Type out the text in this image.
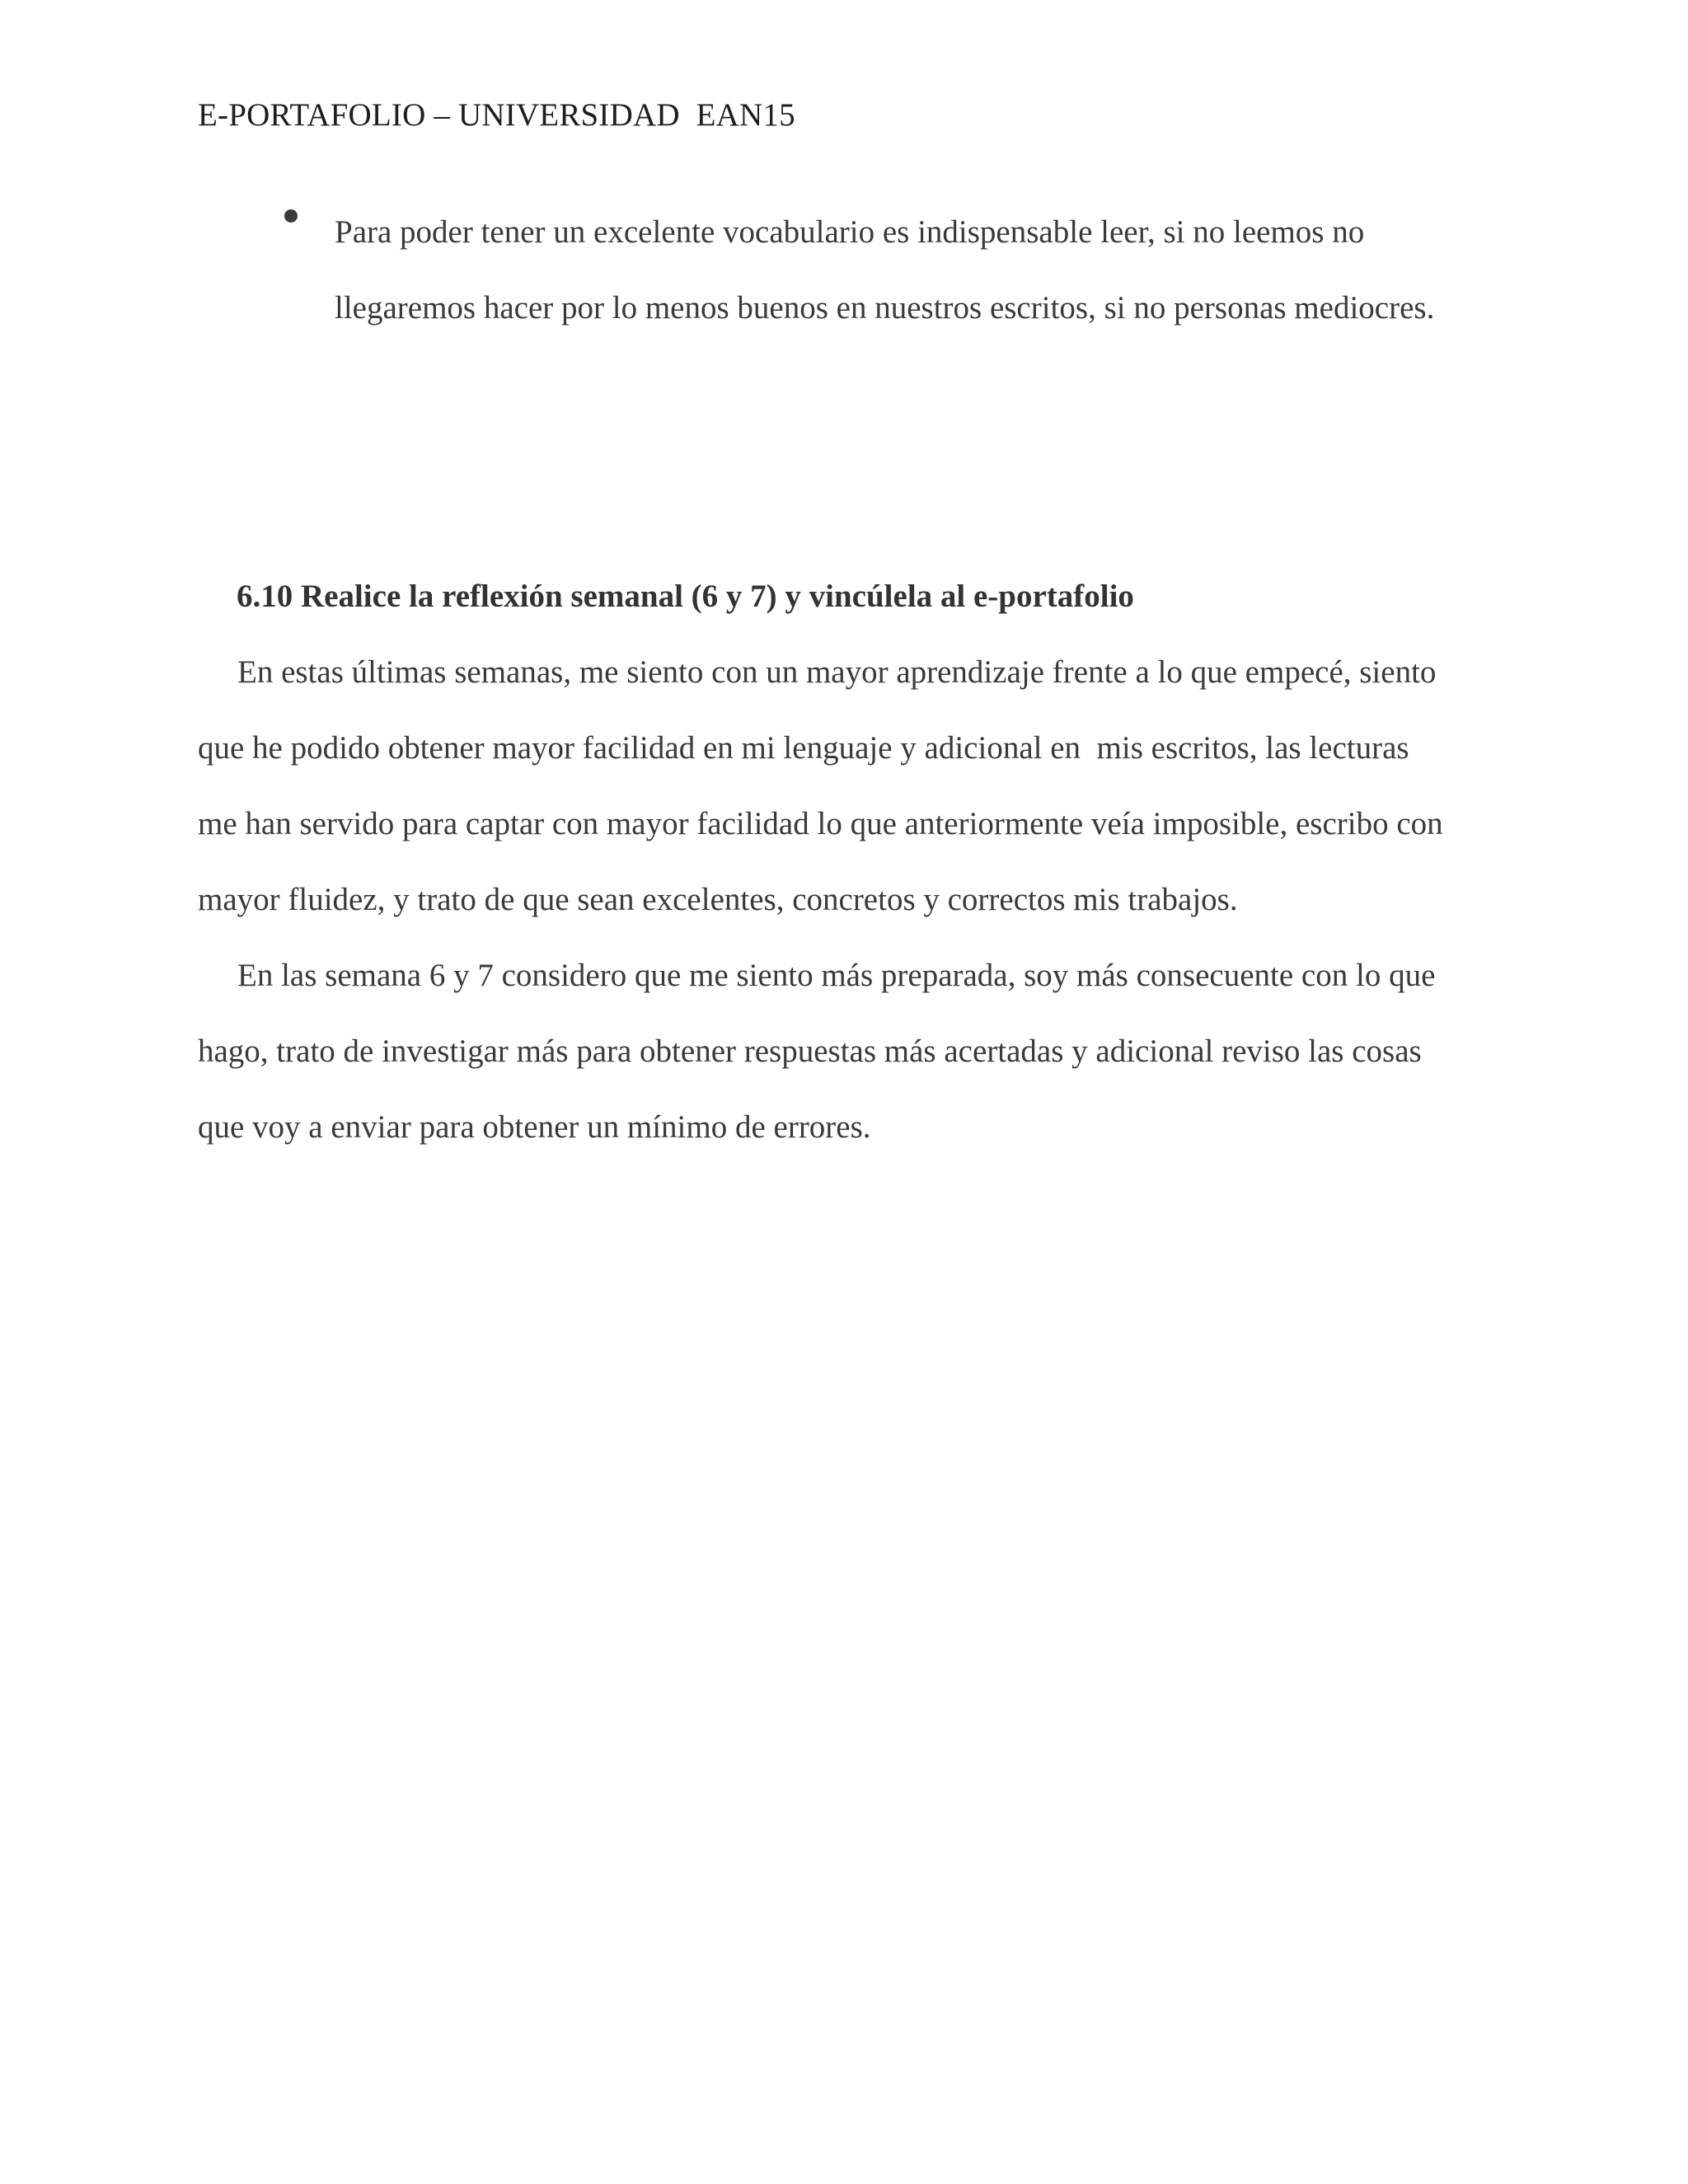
E-PORTAFOLIO – UNIVERSIDAD  EAN15

Para poder tener un excelente vocabulario es indispensable leer, si no leemos no
llegaremos hacer por lo menos buenos en nuestros escritos, si no personas mediocres.

6.10 Realice la reflexión semanal (6 y 7) y vincúlela al e-portafolio

En estas últimas semanas, me siento con un mayor aprendizaje frente a lo que empecé, siento
que he podido obtener mayor facilidad en mi lenguaje y adicional en  mis escritos, las lecturas
me han servido para captar con mayor facilidad lo que anteriormente veía imposible, escribo con
mayor fluidez, y trato de que sean excelentes, concretos y correctos mis trabajos.

En las semana 6 y 7 considero que me siento más preparada, soy más consecuente con lo que
hago, trato de investigar más para obtener respuestas más acertadas y adicional reviso las cosas
que voy a enviar para obtener un mínimo de errores.
